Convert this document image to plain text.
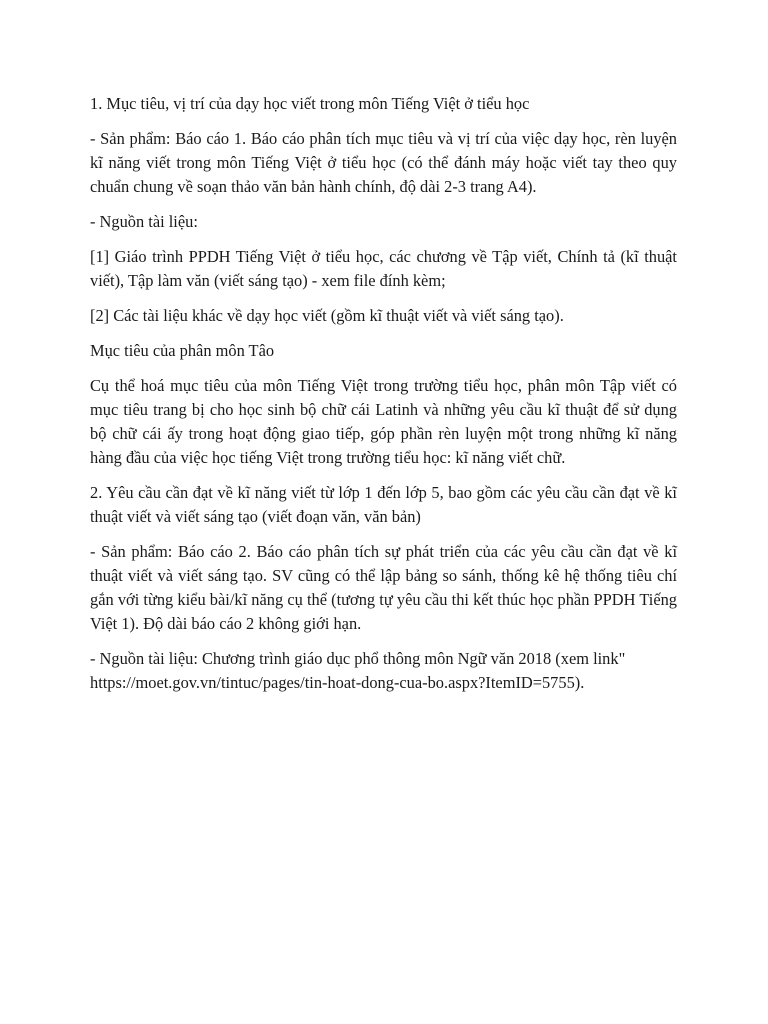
1. Mục tiêu, vị trí của dạy học viết trong môn Tiếng Việt ở tiểu học

- Sản phẩm: Báo cáo 1. Báo cáo phân tích mục tiêu và vị trí của việc dạy học, rèn luyện kĩ năng viết trong môn Tiếng Việt ở tiểu học (có thể đánh máy hoặc viết tay theo quy chuẩn chung về soạn thảo văn bản hành chính, độ dài 2-3 trang A4).

- Nguồn tài liệu:

[1] Giáo trình PPDH Tiếng Việt ở tiểu học, các chương về Tập viết, Chính tả (kĩ thuật viết), Tập làm văn (viết sáng tạo) - xem file đính kèm;

[2] Các tài liệu khác về dạy học viết (gồm kĩ thuật viết và viết sáng tạo).

Mục tiêu của phân môn Tâo

Cụ thể hoá mục tiêu của môn Tiếng Việt trong trường tiểu học, phân môn Tập viết có mục tiêu trang bị cho học sinh bộ chữ cái Latinh và những yêu cầu kĩ thuật để sử dụng bộ chữ cái ấy trong hoạt động giao tiếp, góp phần rèn luyện một trong những kĩ năng hàng đầu của việc học tiếng Việt trong trường tiểu học: kĩ năng viết chữ.

2. Yêu cầu cần đạt về kĩ năng viết từ lớp 1 đến lớp 5, bao gồm các yêu cầu cần đạt về kĩ thuật viết và viết sáng tạo (viết đoạn văn, văn bản)

- Sản phẩm: Báo cáo 2. Báo cáo phân tích sự phát triển của các yêu cầu cần đạt về kĩ thuật viết và viết sáng tạo. SV cũng có thể lập bảng so sánh, thống kê hệ thống tiêu chí gắn với từng kiểu bài/kĩ năng cụ thể (tương tự yêu cầu thi kết thúc học phần PPDH Tiếng Việt 1). Độ dài báo cáo 2 không giới hạn.

- Nguồn tài liệu: Chương trình giáo dục phổ thông môn Ngữ văn 2018 (xem link" https://moet.gov.vn/tintuc/pages/tin-hoat-dong-cua-bo.aspx?ItemID=5755).
